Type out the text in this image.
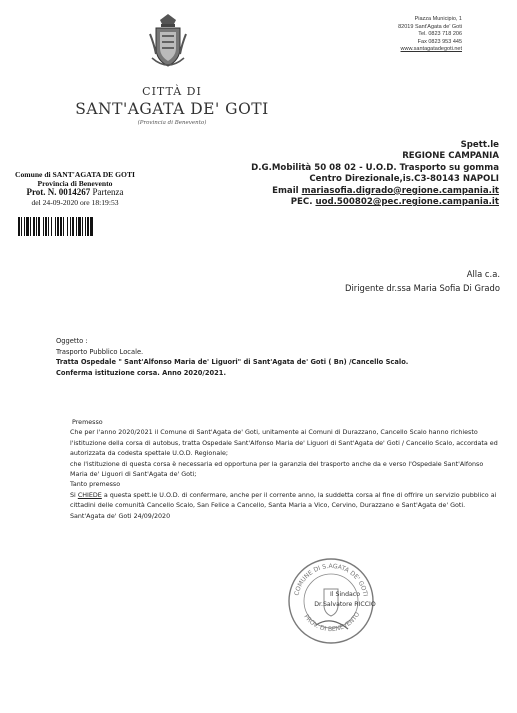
CITTÀ DI
SANT'AGATA DE' GOTI
(Provincia di Benevento)
Piazza Municipio, 1
82019 Sant'Agata de' Goti
Tel. 0823 718 206
Fax 0823 953 445
www.santagatadegoti.net
Comune di SANT'AGATA DE GOTI
Provincia di Benevento
Prot. N. 0014267 Partenza
del 24-09-2020 ore 18:19:53
Spett.le
REGIONE CAMPANIA
D.G.Mobilità 50 08 02 - U.O.D. Trasporto su gomma
Centro Direzionale,is.C3-80143 NAPOLI
Email mariasofia.digrado@regione.campania.it
PEC. uod.500802@pec.regione.campania.it
Alla c.a.
Dirigente dr.ssa Maria Sofia Di Grado
Oggetto :
Trasporto Pubblico Locale.
Tratta Ospedale " Sant'Alfonso Maria de' Liguori" di Sant'Agata de' Goti ( Bn) /Cancello Scalo.
Conferma istituzione corsa. Anno 2020/2021.

Premesso

Che per l'anno 2020/2021 il Comune di Sant'Agata de' Goti, unitamente ai Comuni di Durazzano, Cancello Scalo hanno richiesto l'istituzione della corsa di autobus, tratta Ospedale Sant'Alfonso Maria de' Liguori di Sant'Agata de' Goti / Cancello Scalo, accordata ed autorizzata da codesta spettale U.O.D. Regionale;

che l'istituzione di questa corsa è necessaria ed opportuna per la garanzia del trasporto anche da e verso l'Ospedale Sant'Alfonso Maria de' Liguori di Sant'Agata de' Goti;

Tanto premesso

Si CHIEDE a questa spett.le U.O.D. di confermare, anche per il corrente anno, la suddetta corsa al fine di offrire un servizio pubblico ai cittadini delle comunità Cancello Scalo, San Felice a Cancello, Santa Maria a Vico, Cervino, Durazzano e Sant'Agata de' Goti.

Sant'Agata de' Goti 24/09/2020

COMUNE DI S.AGATA DE' GOTI
PROV. DI BENEVENTO
Il Sindaco
Dr.Salvatore RICCIO
